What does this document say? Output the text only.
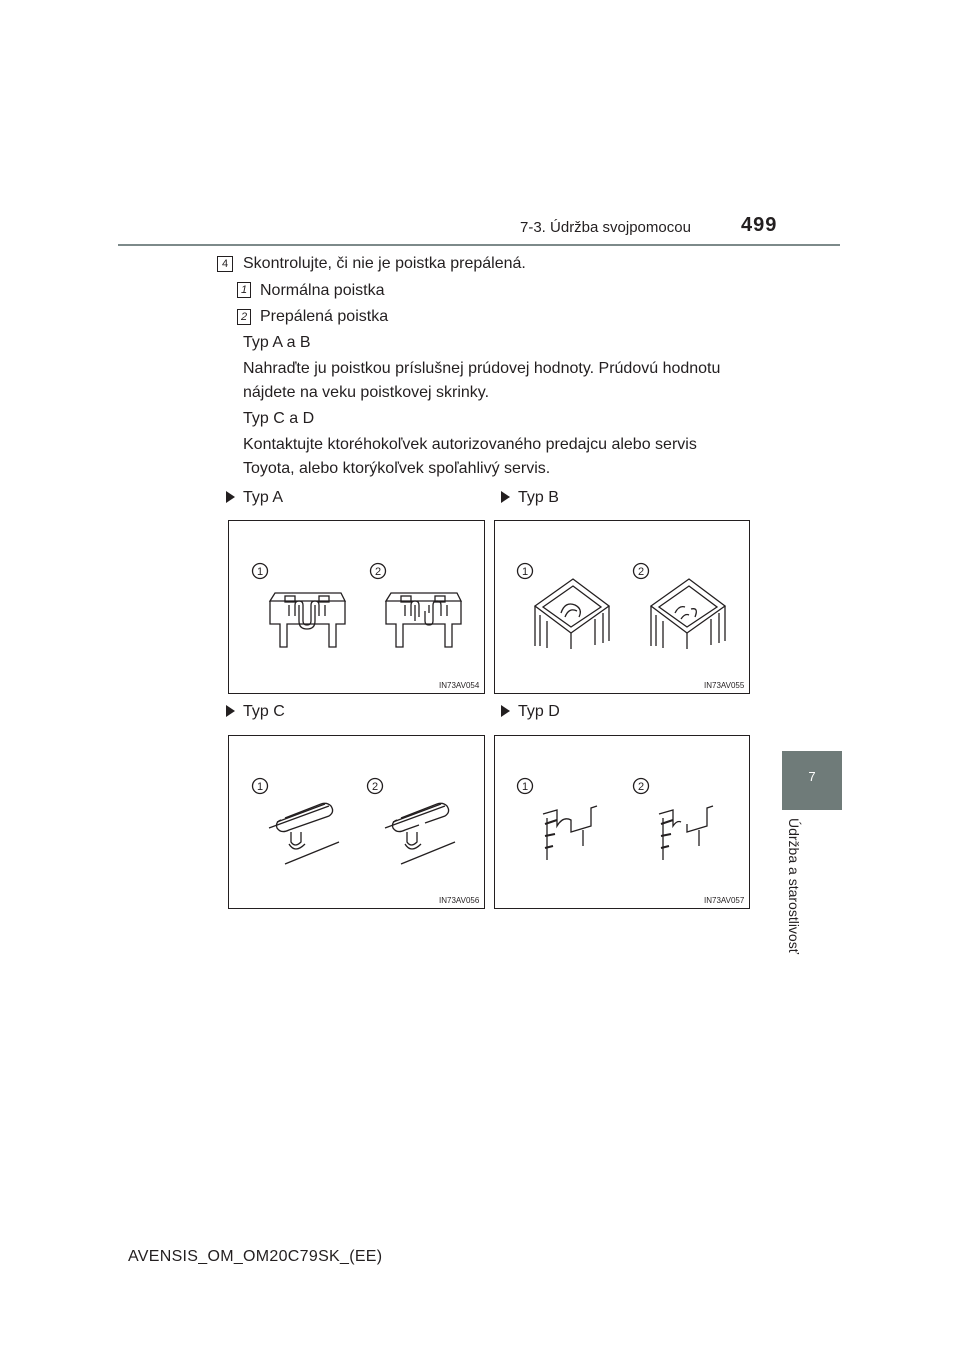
7-3. Údržba svojpomocou	499
7
Údržba a starostlivosť
4 Skontrolujte, či nie je poistka prepálená.
1 Normálna poistka
2 Prepálená poistka
Typ A a B
Nahraďte ju poistkou príslušnej prúdovej hodnoty. Prúdovú hodnotu
nájdete na veku poistkovej skrinky.
Typ C a D
Kontaktujte ktoréhokoľvek autorizovaného predajcu alebo servis
Toyota, alebo ktorýkoľvek spoľahlivý servis.
Typ A	Typ B
Typ C	Typ D
1	2
IN73AV054
1	2
IN73AV055
1	2
IN73AV056
1	2
IN73AV057
AVENSIS_OM_OM20C79SK_(EE)
